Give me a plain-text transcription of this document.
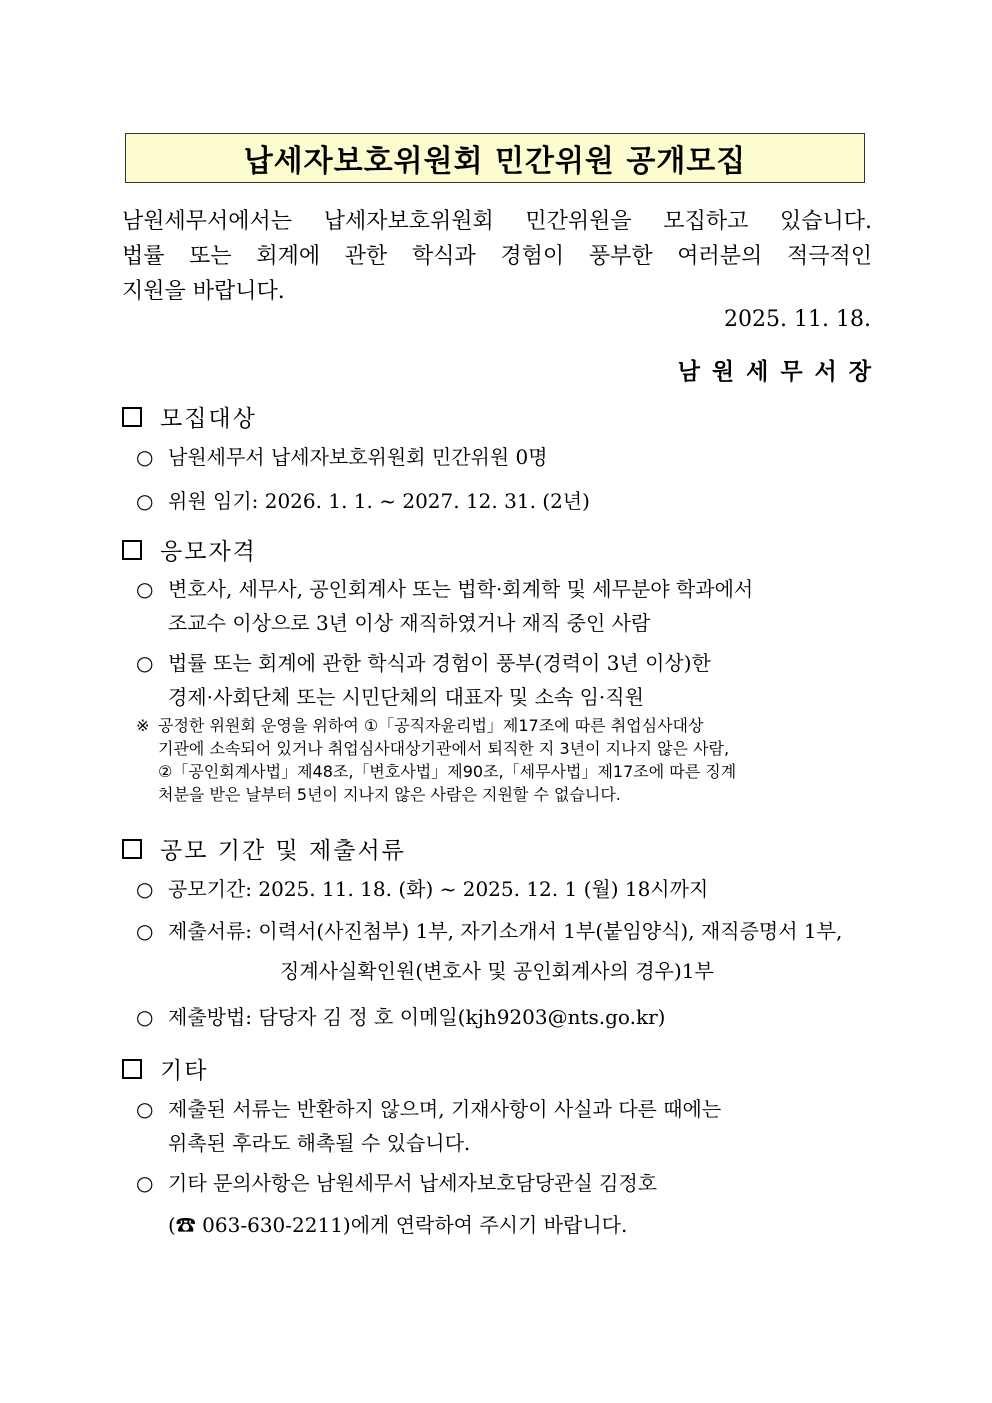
납세자보호위원회 민간위원 공개모집
남원세무서에서는 납세자보호위원회 민간위원을 모집하고 있습니다.
법률 또는 회계에 관한 학식과 경험이 풍부한 여러분의 적극적인
지원을 바랍니다.
2025. 11. 18.
남원세무서장
모집대상
○ 남원세무서 납세자보호위원회 민간위원 0명
○ 위원 임기: 2026. 1. 1. ~ 2027. 12. 31. (2년)
응모자격
○ 변호사, 세무사, 공인회계사 또는 법학·회계학 및 세무분야 학과에서
조교수 이상으로 3년 이상 재직하였거나 재직 중인 사람
○ 법률 또는 회계에 관한 학식과 경험이 풍부(경력이 3년 이상)한
경제·사회단체 또는 시민단체의 대표자 및 소속 임·직원
※ 공정한 위원회 운영을 위하여 ①「공직자윤리법」제17조에 따른 취업심사대상
기관에 소속되어 있거나 취업심사대상기관에서 퇴직한 지 3년이 지나지 않은 사람,
②「공인회계사법」제48조,「변호사법」제90조,「세무사법」제17조에 따른 징계
처분을 받은 날부터 5년이 지나지 않은 사람은 지원할 수 없습니다.
공모 기간 및 제출서류
○ 공모기간: 2025. 11. 18. (화) ~ 2025. 12. 1 (월) 18시까지
○ 제출서류: 이력서(사진첨부) 1부, 자기소개서 1부(붙임양식), 재직증명서 1부,
징계사실확인원(변호사 및 공인회계사의 경우)1부
○ 제출방법: 담당자 김 정 호 이메일(kjh9203@nts.go.kr)
기타
○ 제출된 서류는 반환하지 않으며, 기재사항이 사실과 다른 때에는
위촉된 후라도 해촉될 수 있습니다.
○ 기타 문의사항은 남원세무서 납세자보호담당관실 김정호
(☎ 063-630-2211)에게 연락하여 주시기 바랍니다.
